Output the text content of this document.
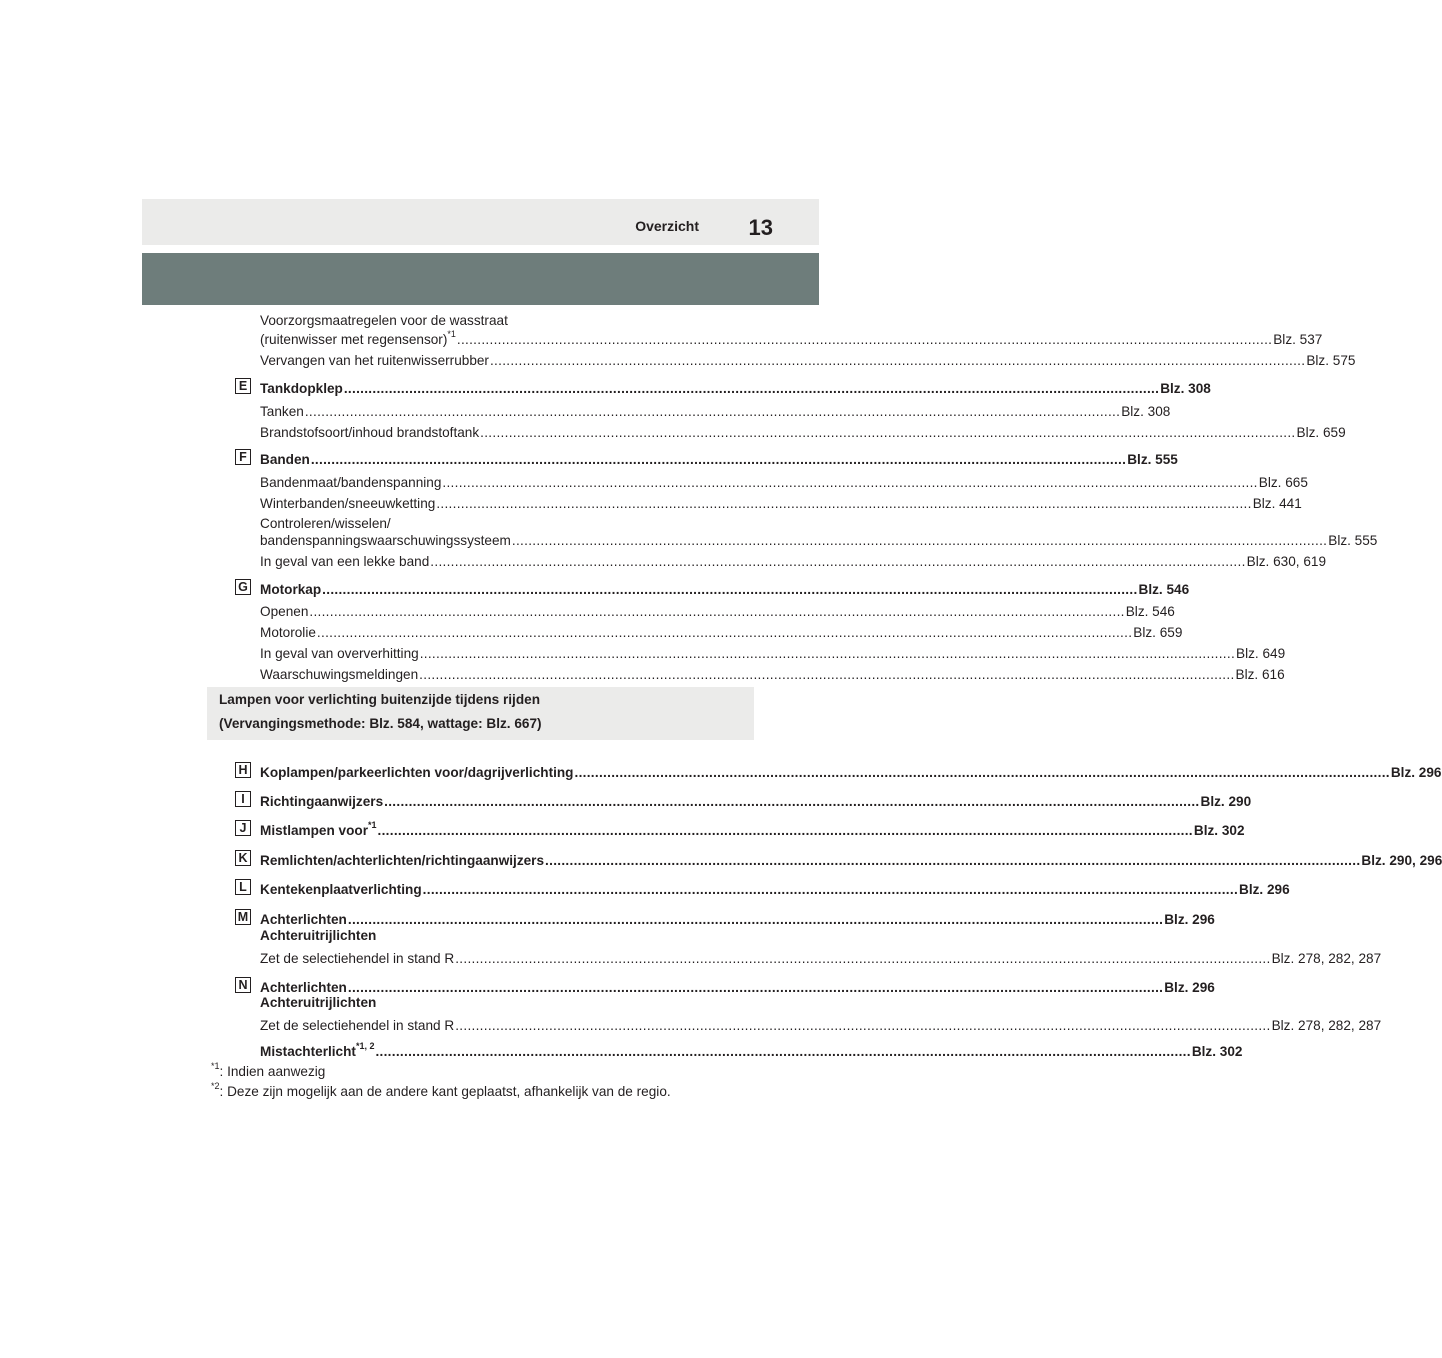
Overzicht 13
Voorzorgsmaatregelen voor de wasstraat
(ruitenwisser met regensensor)$^{*1}$ ........................................................................................................................................................................................................ Blz. 537
Vervangen van het ruitenwisserrubber ........................................................................................................................................................................................................ Blz. 575
E Tankdopklep ........................................................................................................................................................................................................ Blz. 308
Tanken ........................................................................................................................................................................................................ Blz. 308
Brandstofsoort/inhoud brandstoftank ........................................................................................................................................................................................................ Blz. 659
F Banden ........................................................................................................................................................................................................ Blz. 555
Bandenmaat/bandenspanning ........................................................................................................................................................................................................ Blz. 665
Winterbanden/sneeuwketting ........................................................................................................................................................................................................ Blz. 441
Controleren/wisselen/
bandenspanningswaarschuwingssysteem ........................................................................................................................................................................................................ Blz. 555
In geval van een lekke band ........................................................................................................................................................................................................ Blz. 630, 619
G Motorkap ........................................................................................................................................................................................................ Blz. 546
Openen ........................................................................................................................................................................................................ Blz. 546
Motorolie ........................................................................................................................................................................................................ Blz. 659
In geval van oververhitting ........................................................................................................................................................................................................ Blz. 649
Waarschuwingsmeldingen ........................................................................................................................................................................................................ Blz. 616
Lampen voor verlichting buitenzijde tijdens rijden
(Vervangingsmethode: Blz. 584, wattage: Blz. 667)
H Koplampen/parkeerlichten voor/dagrijverlichting ........................................................................................................................................................................................................ Blz. 296
I	Richtingaanwijzers ........................................................................................................................................................................................................ Blz. 290
J Mistlampen voor$^{*1}$ ........................................................................................................................................................................................................ Blz. 302
K Remlichten/achterlichten/richtingaanwijzers ........................................................................................................................................................................................................ Blz. 290, 296
L Kentekenplaatverlichting ........................................................................................................................................................................................................ Blz. 296
M Achterlichten ........................................................................................................................................................................................................ Blz. 296
Achteruitrijlichten
Zet de selectiehendel in stand R ........................................................................................................................................................................................................ Blz. 278, 282, 287
N Achterlichten ........................................................................................................................................................................................................ Blz. 296
Achteruitrijlichten
Zet de selectiehendel in stand R ........................................................................................................................................................................................................ Blz. 278, 282, 287
Mistachterlicht$^{*1, 2}$ ........................................................................................................................................................................................................ Blz. 302
$^{*1}$: Indien aanwezig
$^{*2}$: Deze zijn mogelijk aan de andere kant geplaatst, afhankelijk van de regio.
